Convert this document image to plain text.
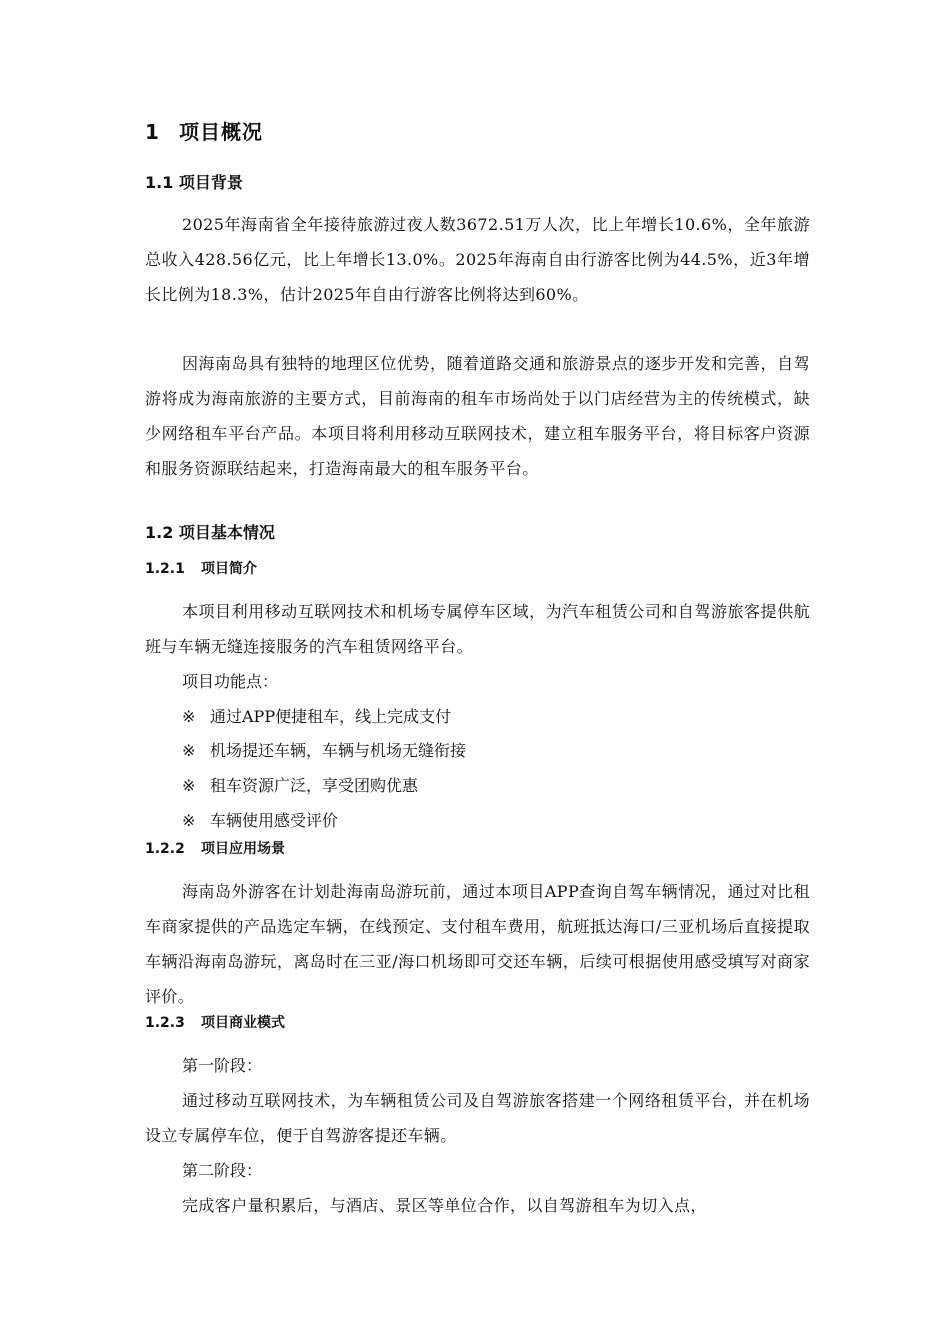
1 项目概况
1.1 项目背景

2025年海南省全年接待旅游过夜人数3672.51万人次，比上年增长10.6%，全年旅游总收入428.56亿元，比上年增长13.0%。2025年海南自由行游客比例为44.5%，近3年增长比例为18.3%，估计2025年自由行游客比例将达到60%。

因海南岛具有独特的地理区位优势，随着道路交通和旅游景点的逐步开发和完善，自驾游将成为海南旅游的主要方式，目前海南的租车市场尚处于以门店经营为主的传统模式，缺少网络租车平台产品。本项目将利用移动互联网技术，建立租车服务平台，将目标客户资源和服务资源联结起来，打造海南最大的租车服务平台。

1.2 项目基本情况
1.2.1 项目简介

本项目利用移动互联网技术和机场专属停车区域，为汽车租赁公司和自驾游旅客提供航班与车辆无缝连接服务的汽车租赁网络平台。

项目功能点：
※ 通过APP便捷租车，线上完成支付
※ 机场提还车辆，车辆与机场无缝衔接
※ 租车资源广泛，享受团购优惠
※ 车辆使用感受评价
1.2.2 项目应用场景

海南岛外游客在计划赴海南岛游玩前，通过本项目APP查询自驾车辆情况，通过对比租车商家提供的产品选定车辆，在线预定、支付租车费用，航班抵达海口/三亚机场后直接提取车辆沿海南岛游玩，离岛时在三亚/海口机场即可交还车辆，后续可根据使用感受填写对商家评价。

1.2.3 项目商业模式
第一阶段：

通过移动互联网技术，为车辆租赁公司及自驾游旅客搭建一个网络租赁平台，并在机场设立专属停车位，便于自驾游客提还车辆。

第二阶段：

完成客户量积累后，与酒店、景区等单位合作，以自驾游租车为切入点，
